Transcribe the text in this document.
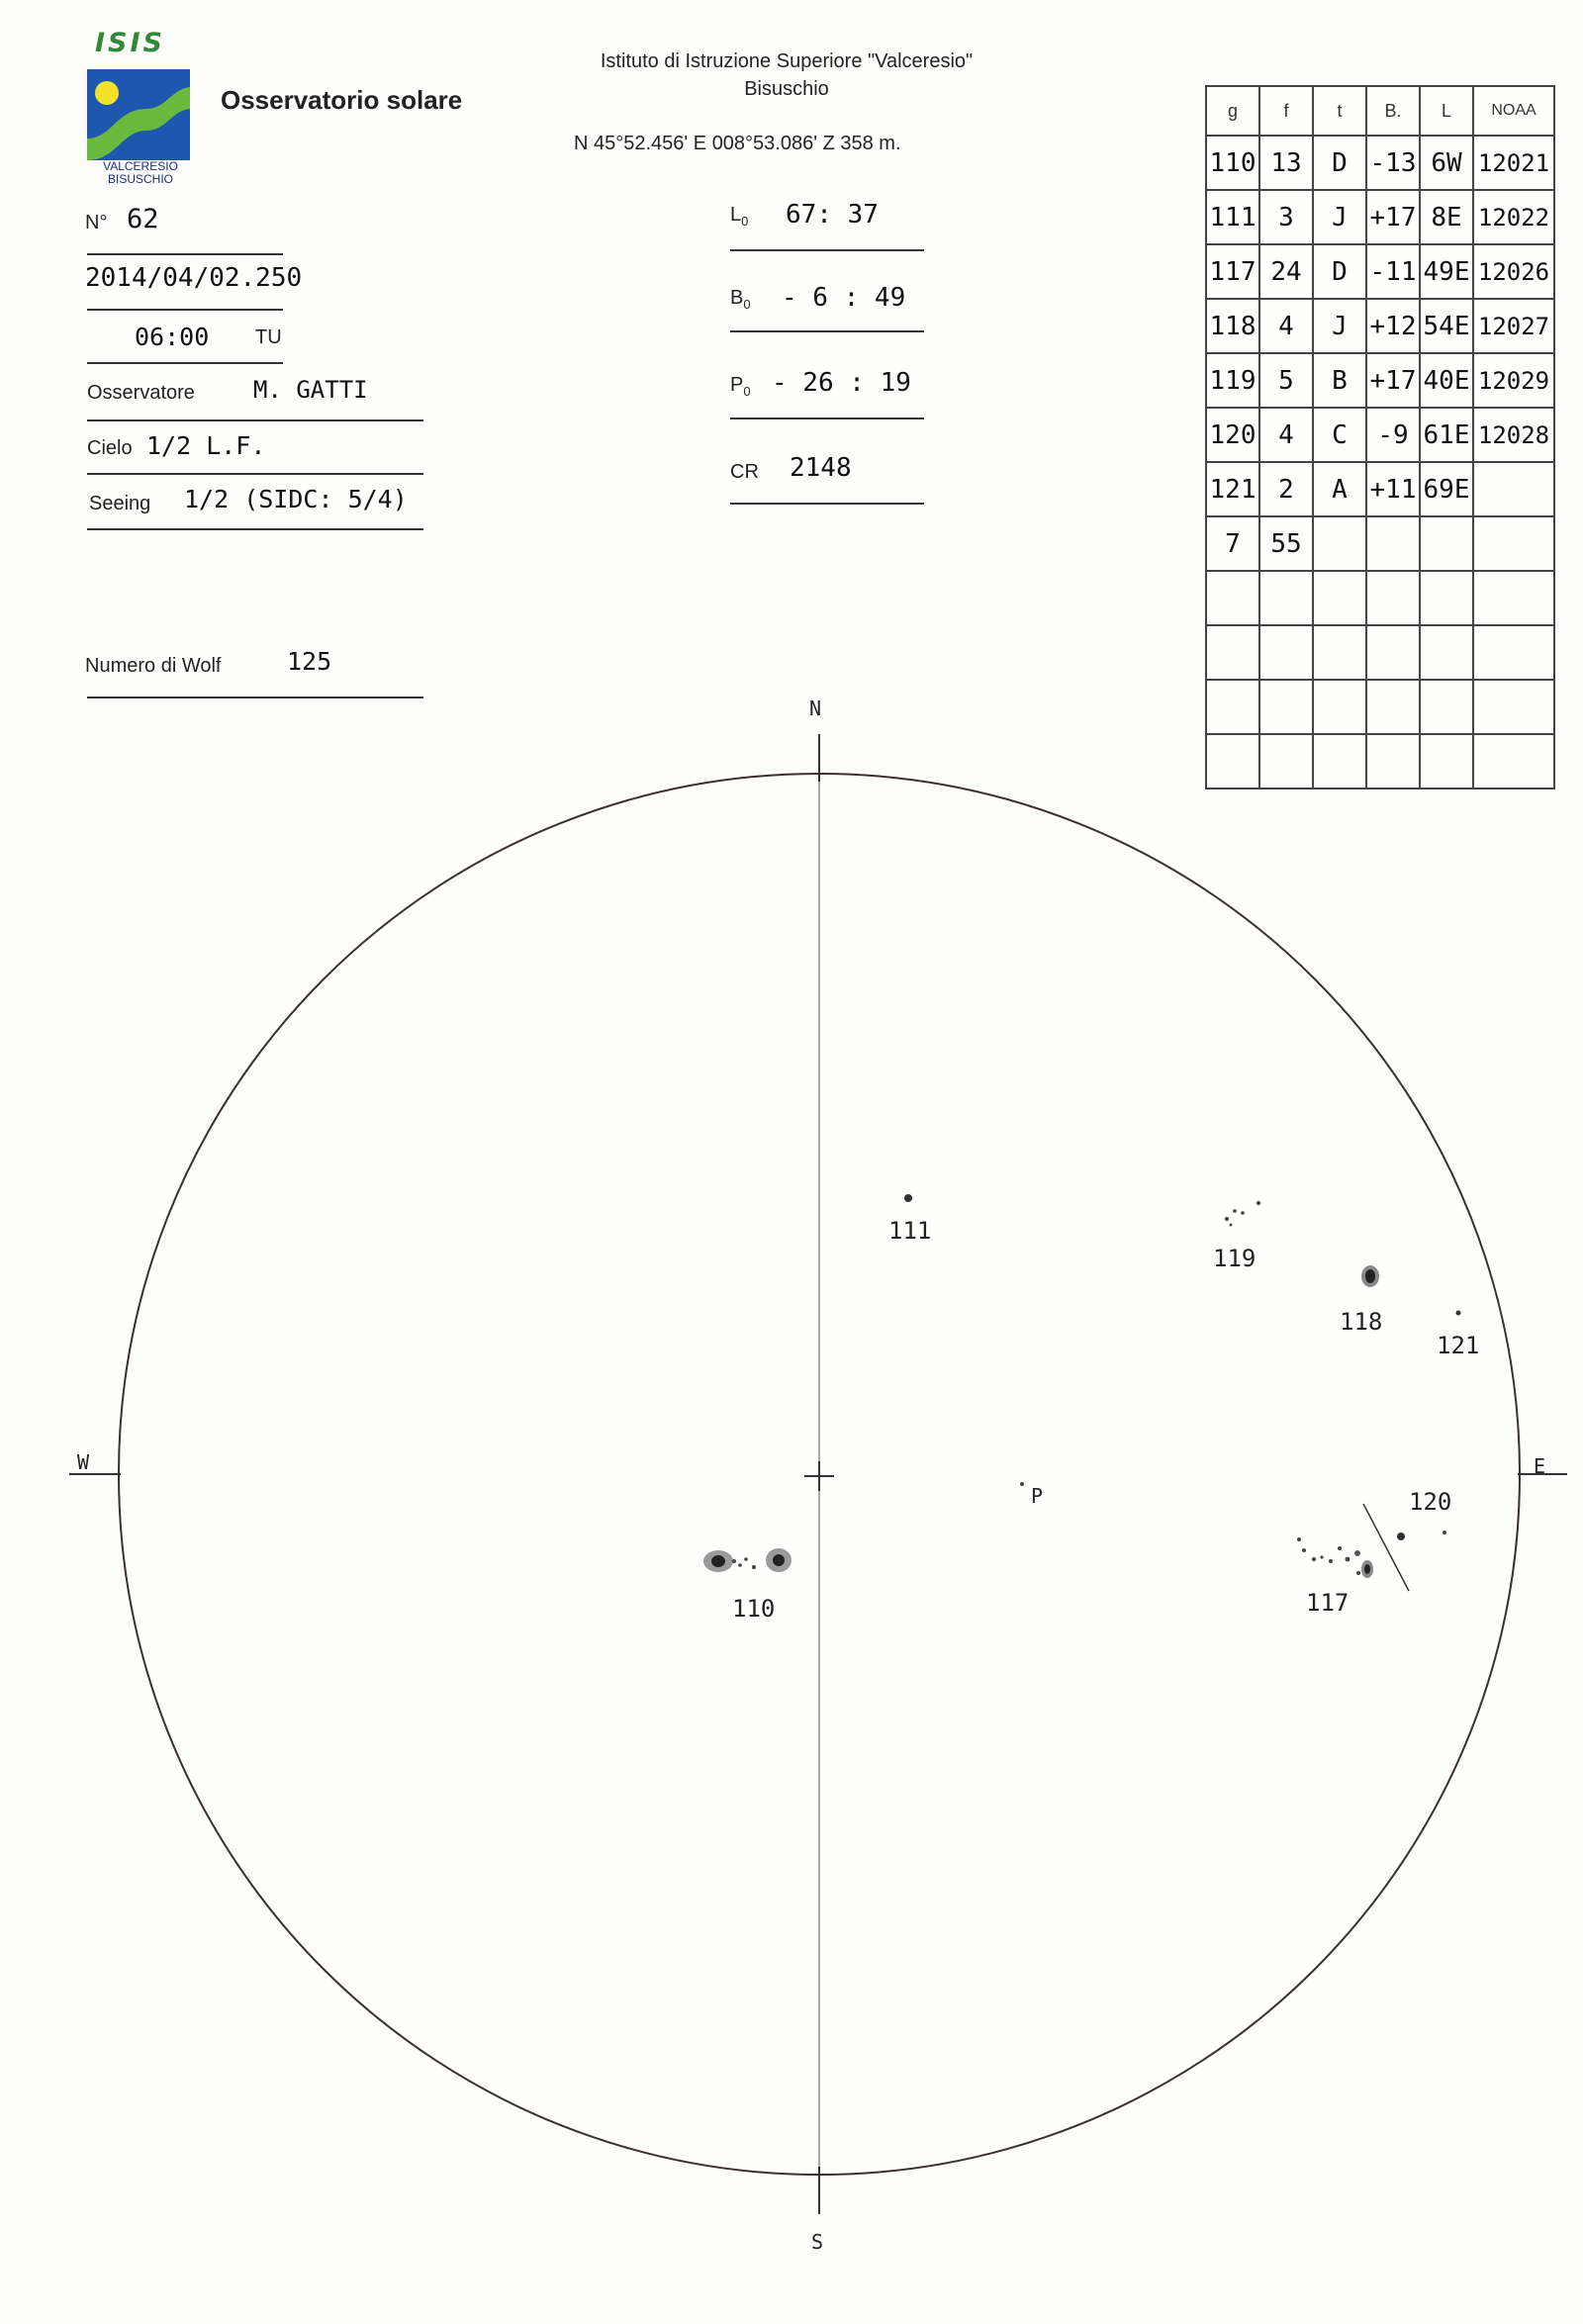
ISIS
VALCERESIO
BISUSCHIO
Osservatorio solare
Istituto di Istruzione Superiore "Valceresio"
Bisuschio
N 45°52.456' E 008°53.086' Z 358 m.
N° 62
2014/04/02.250
06:00 TU
Osservatore M. GATTI
Cielo 1/2 L.F.
Seeing 1/2 (SIDC: 5/4)
Numero di Wolf	125
$L_0$ 67: 37
$B_0 - 6$ : 49
$P_0 - 26$ : 19
CR 2148
g	f	t	B.	L	NOAA
110	13	D	-13	6W	12021
111	3	J	+17	8E	12022
117	24	D	-11	49E	12026
118	4	J	+12	54E	12027
119	5	B	+17	40E	12029
120	4	C	-9	61E	12028
121	2	A	+11	69E	
7	55				

N
S
W	E
111
119
118
121
120
117
110
P
